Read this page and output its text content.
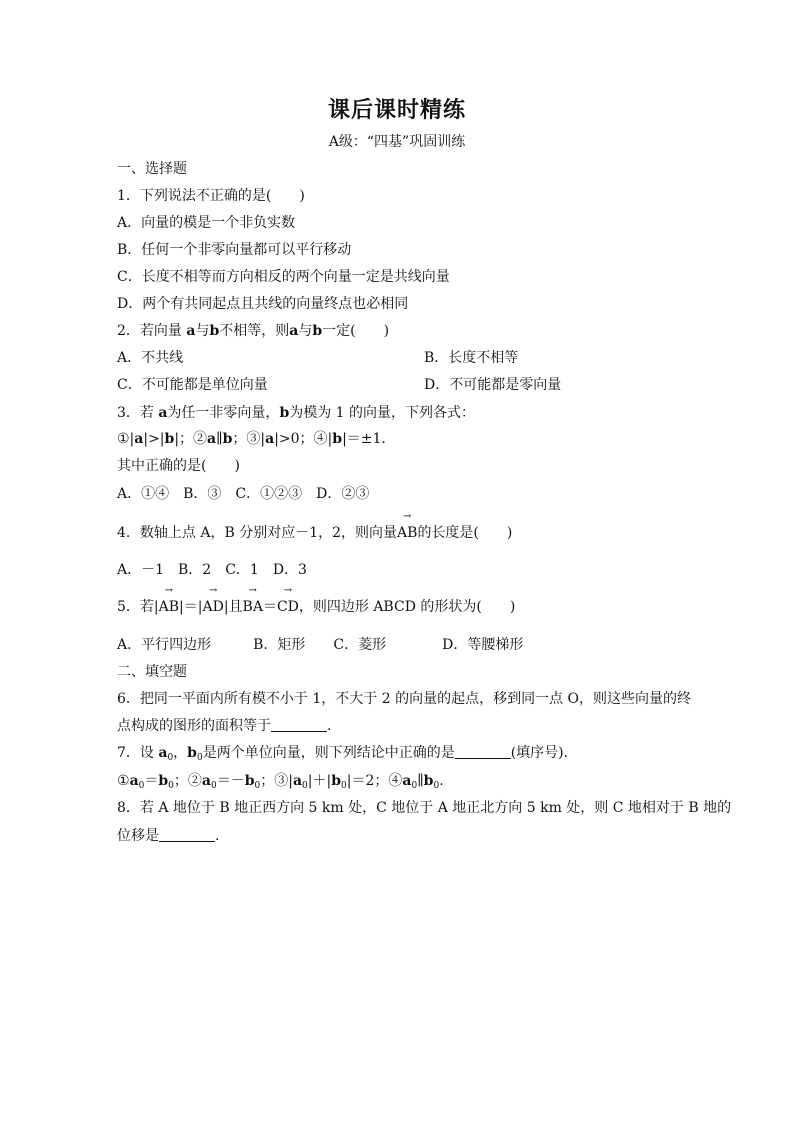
课后课时精练
A级：“四基”巩固训练
一、选择题
1．下列说法不正确的是(　　)
A．向量的模是一个非负实数
B．任何一个非零向量都可以平行移动
C．长度不相等而方向相反的两个向量一定是共线向量
D．两个有共同起点且共线的向量终点也必相同
2．若向量 a与b不相等，则a与b一定(　　)
A．不共线	B．长度不相等
C．不可能都是单位向量	D．不可能都是零向量
3．若 a为任一非零向量，b为模为 1 的向量，下列各式：
①|a|>|b|；②a∥b；③|a|>0；④|b|＝±1.
其中正确的是(　　)
A．①④　B．③　C．①②③　D．②③
4．数轴上点 A，B 分别对应－1，2，则向量→ AB的长度是(　　)
A．－1　B．2　C．1　D．3
5．若|→ AB|＝|→ AD|且→ BA＝→ CD，则四边形 ABCD 的形状为(　　)
A．平行四边形　　　B．矩形　　C．菱形　　　　D．等腰梯形
二、填空题
6．把同一平面内所有模不小于 1，不大于 2 的向量的起点，移到同一点 O，则这些向量的终
点构成的图形的面积等于	.
7．设 $a_0$，$b_0$是两个单位向量，则下列结论中正确的是	(填序号)．
$①a_0=b_0$；$②a_0=-b_0$；$③|a_0|+|b_0|=2$；$④a_0\parallel b_0$.
8．若 A 地位于 B 地正西方向 5 km 处，C 地位于 A 地正北方向 5 km 处，则 C 地相对于 B 地的
位移是	.
